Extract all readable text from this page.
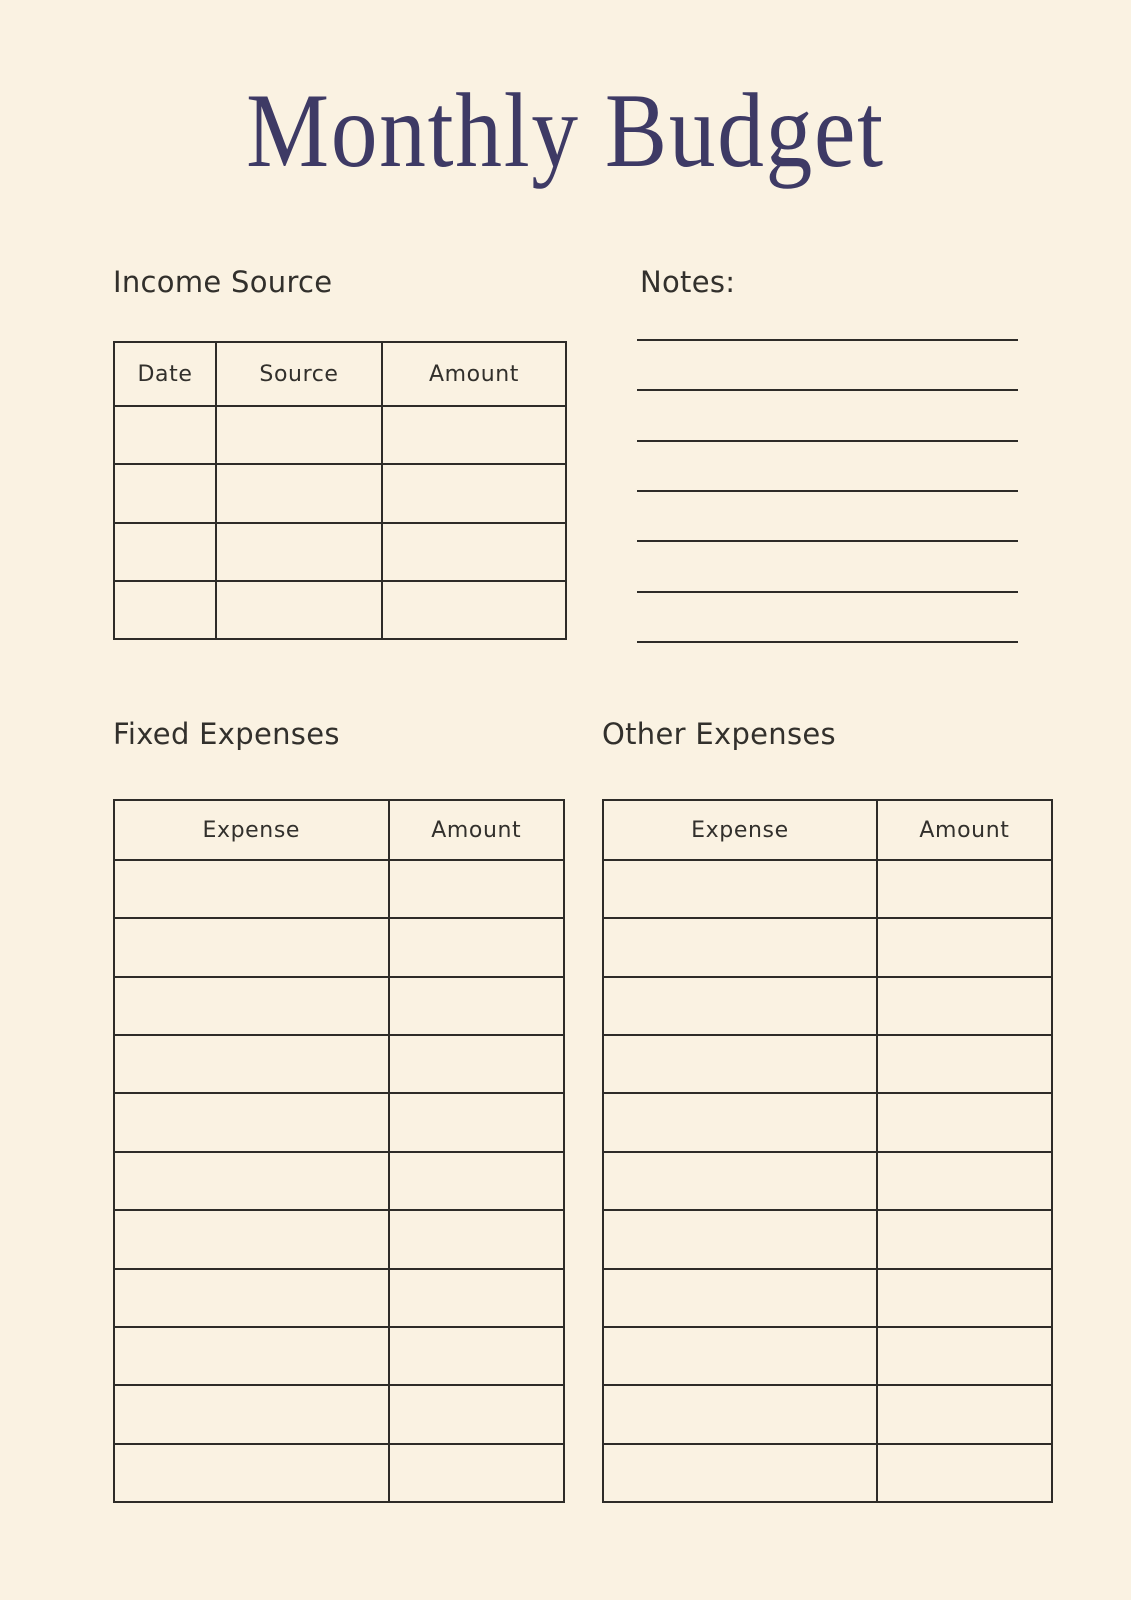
Monthly Budget
Income Source
Date	Source	Amount

Notes:
Fixed Expenses
Expense	Amount

Other Expenses
Expense	Amount
